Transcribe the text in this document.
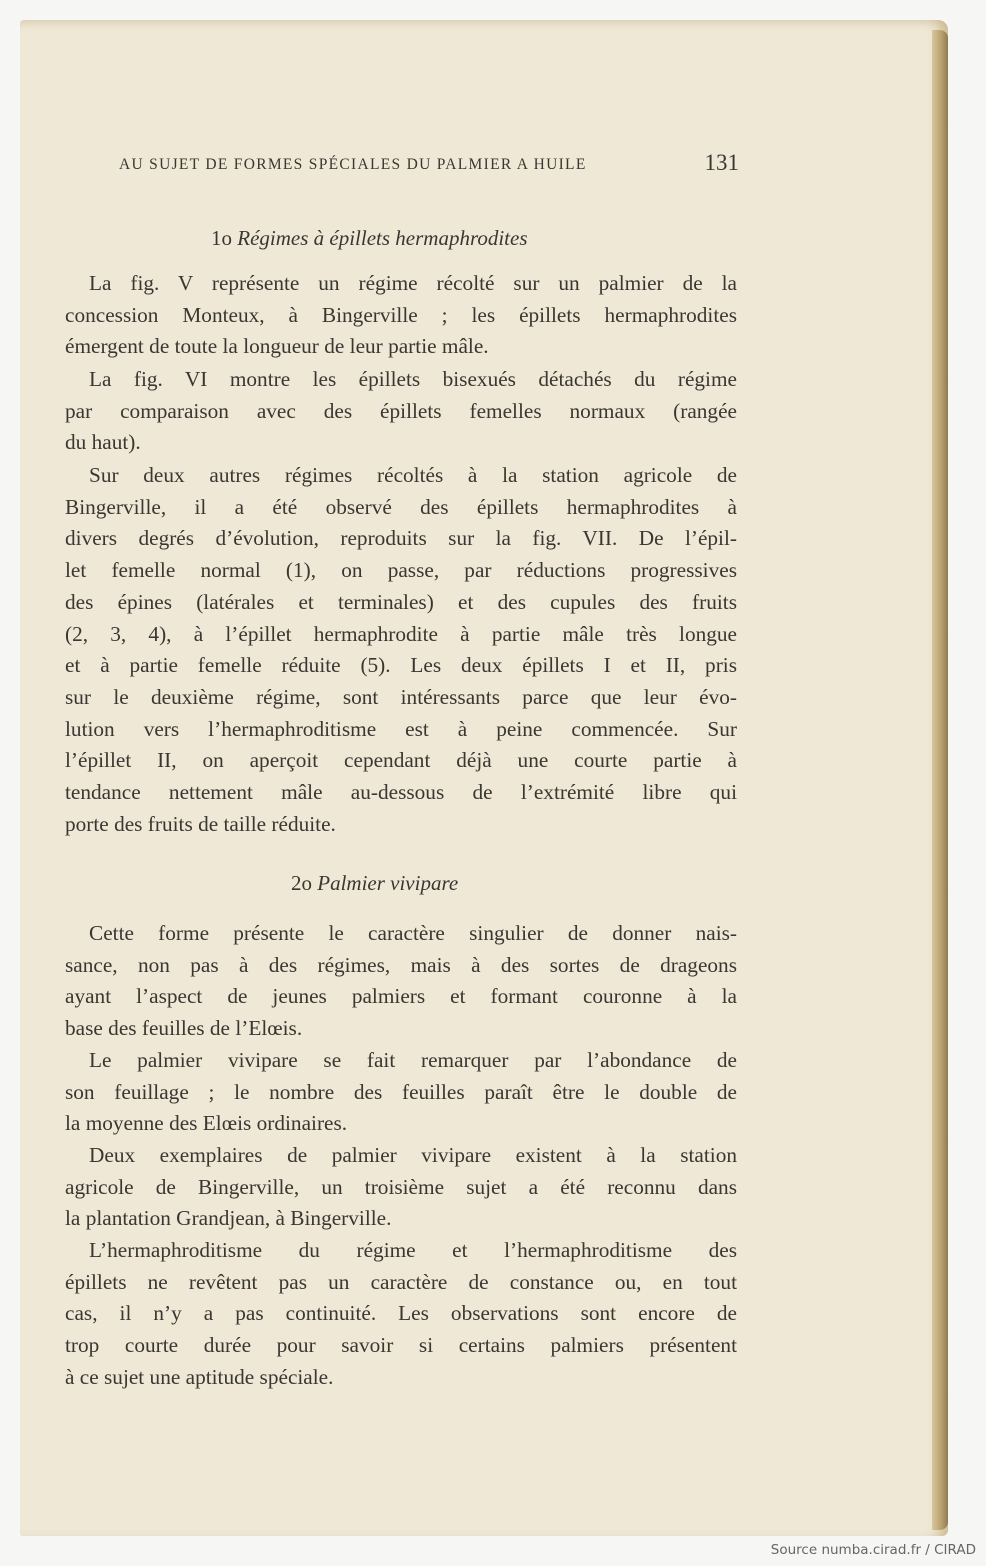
AU SUJET DE FORMES SPÉCIALES DU PALMIER A HUILE	131
1o Régimes à épillets hermaphrodites
2o Palmier vivipare
Source numba.cirad.fr / CIRAD
La fig. V représente un régime récolté sur un palmier de la
concession Monteux, à Bingerville ; les épillets hermaphrodites
émergent de toute la longueur de leur partie mâle.
La fig. VI montre les épillets bisexués détachés du régime
par comparaison avec des épillets femelles normaux (rangée
du haut).
Sur deux autres régimes récoltés à la station agricole de
Bingerville, il a été observé des épillets hermaphrodites à
divers degrés d’évolution, reproduits sur la fig. VII. De l’épil-
let femelle normal (1), on passe, par réductions progressives
des épines (latérales et terminales) et des cupules des fruits
(2, 3, 4), à l’épillet hermaphrodite à partie mâle très longue
et à partie femelle réduite (5). Les deux épillets I et II, pris
sur le deuxième régime, sont intéressants parce que leur évo-
lution vers l’hermaphroditisme est à peine commencée. Sur
l’épillet II, on aperçoit cependant déjà une courte partie à
tendance nettement mâle au-dessous de l’extrémité libre qui
porte des fruits de taille réduite.
Cette forme présente le caractère singulier de donner nais-
sance, non pas à des régimes, mais à des sortes de drageons
ayant l’aspect de jeunes palmiers et formant couronne à la
base des feuilles de l’Elœis.
Le palmier vivipare se fait remarquer par l’abondance de
son feuillage ; le nombre des feuilles paraît être le double de
la moyenne des Elœis ordinaires.
Deux exemplaires de palmier vivipare existent à la station
agricole de Bingerville, un troisième sujet a été reconnu dans
la plantation Grandjean, à Bingerville.
L’hermaphroditisme du régime et l’hermaphroditisme des
épillets ne revêtent pas un caractère de constance ou, en tout
cas, il n’y a pas continuité. Les observations sont encore de
trop courte durée pour savoir si certains palmiers présentent
à ce sujet une aptitude spéciale.
